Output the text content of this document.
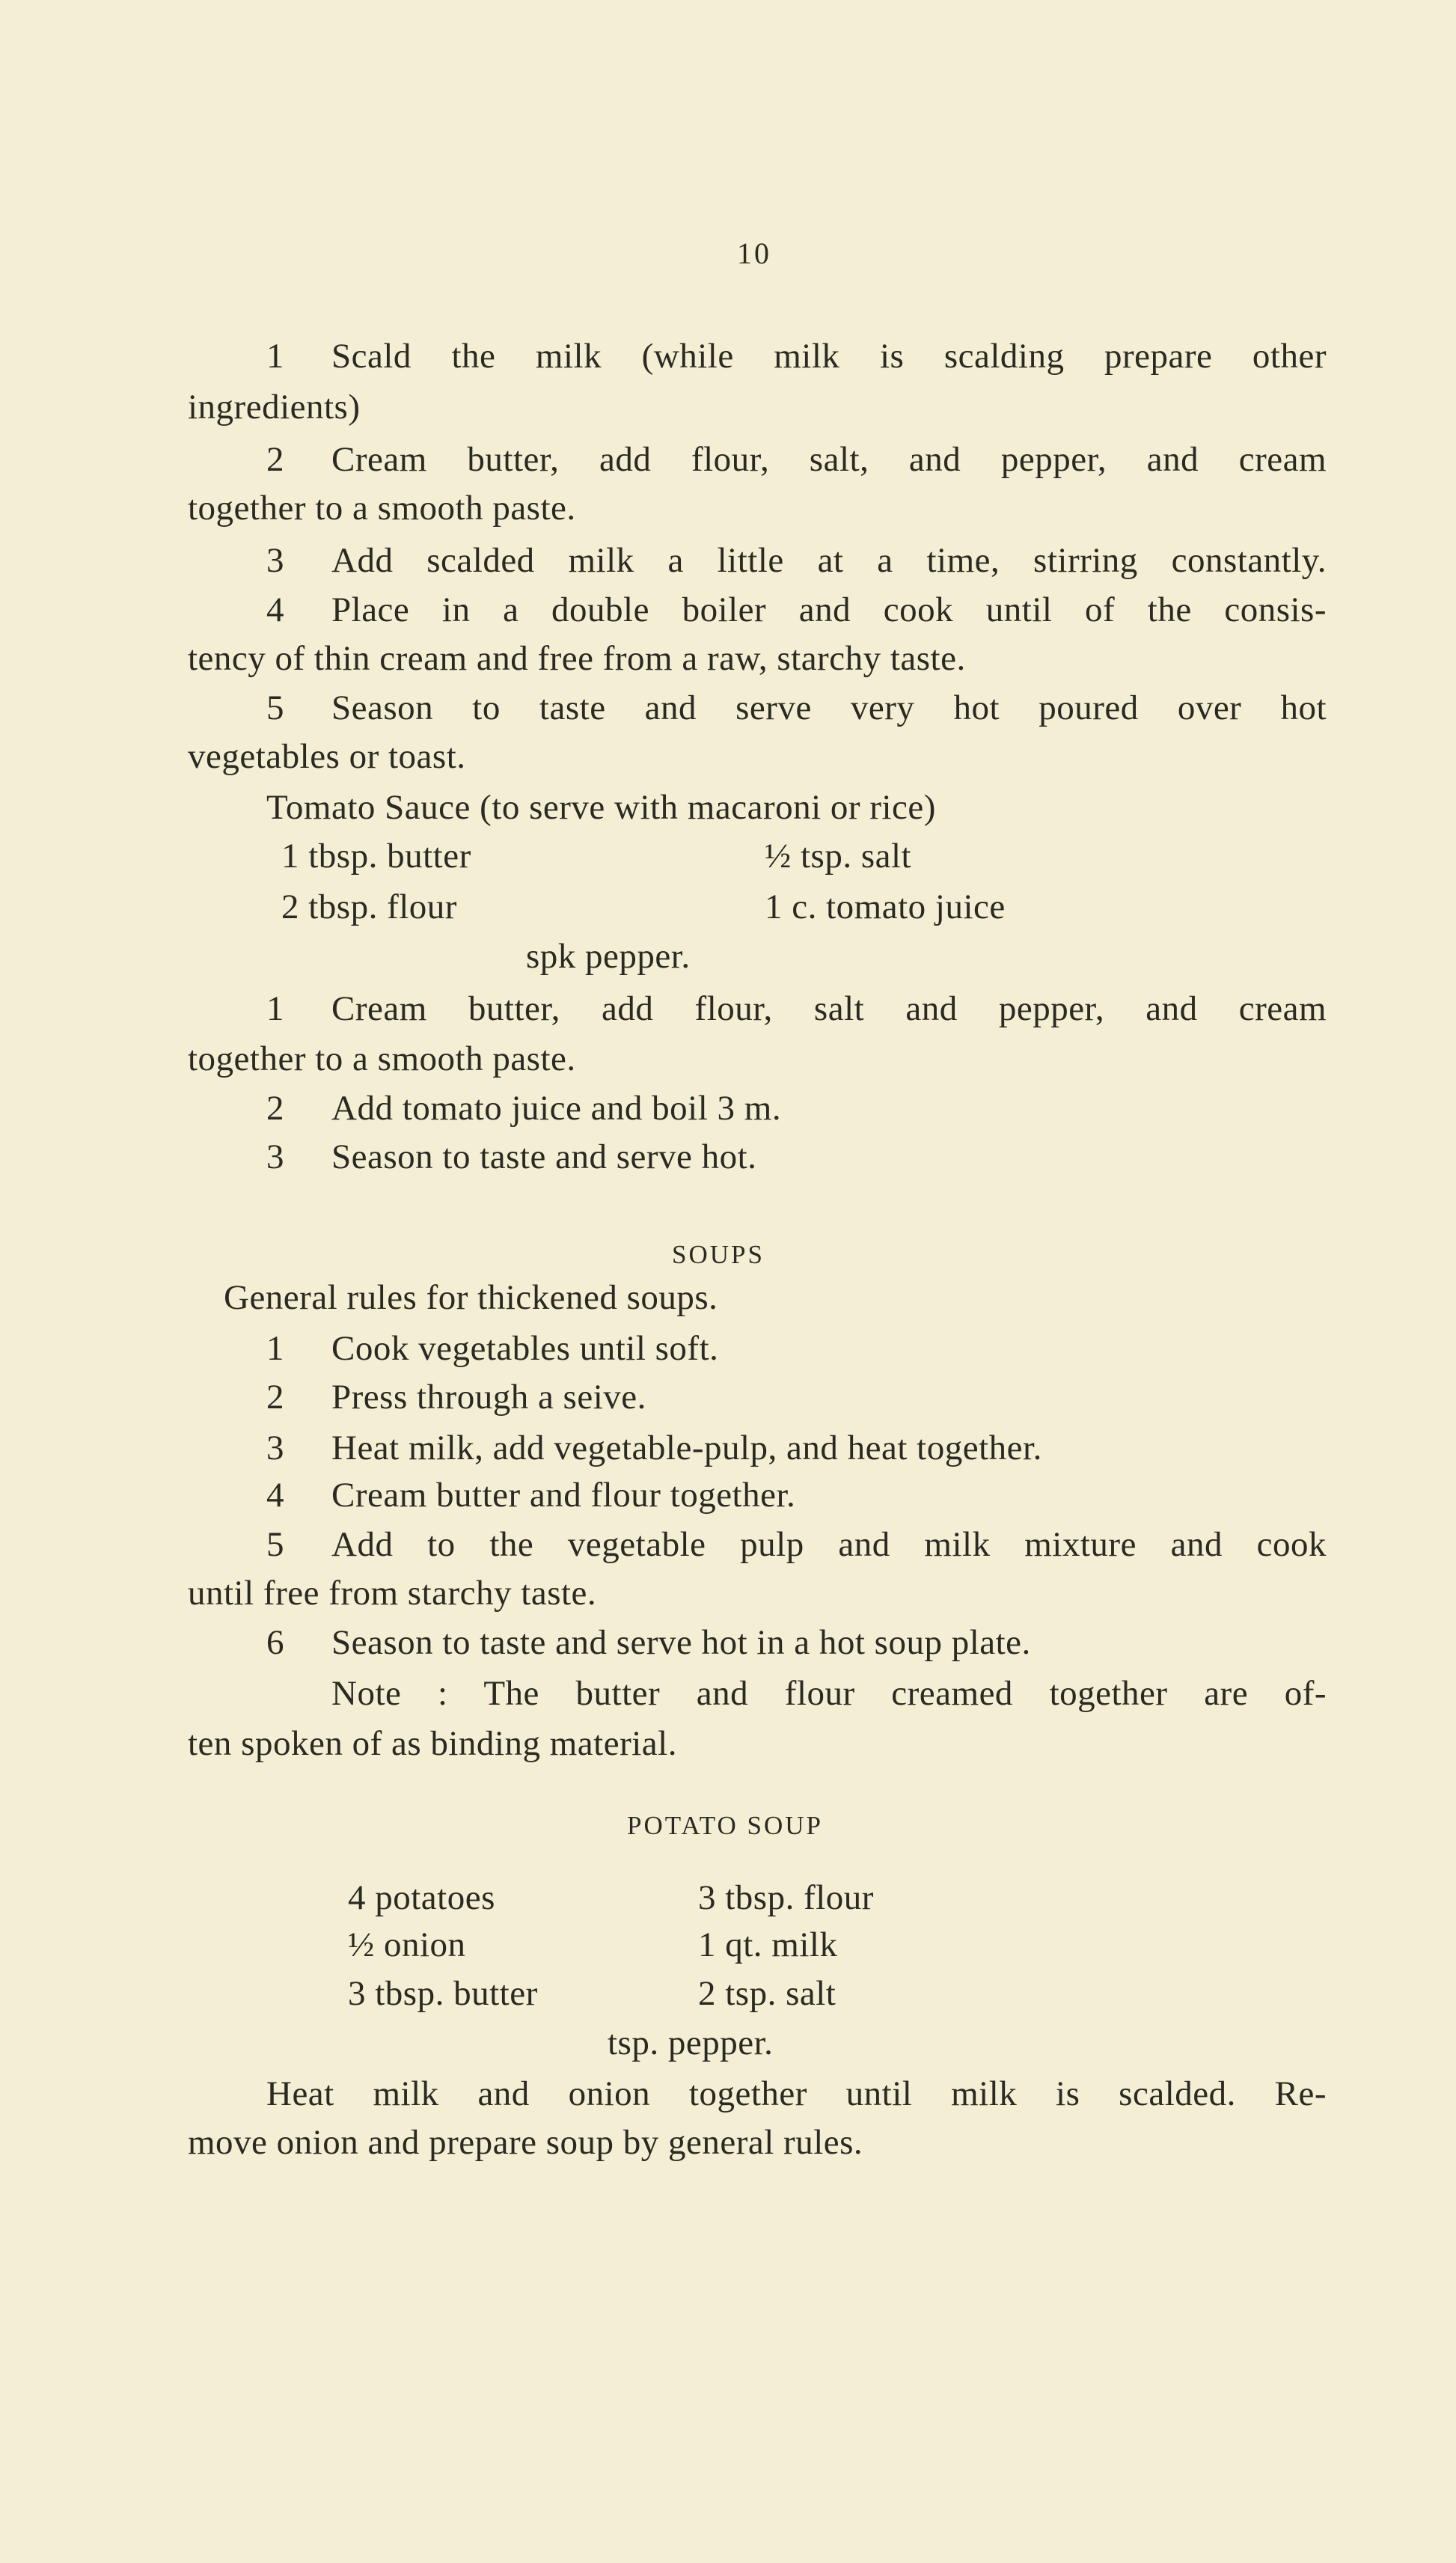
10
1 Scald the milk (while milk is scalding prepare other
ingredients)
2 Cream butter, add flour, salt, and pepper, and cream
together to a smooth paste.
3 Add scalded milk a little at a time, stirring constantly.
4 Place in a double boiler and cook until of the consis-
tency of thin cream and free from a raw, starchy taste.
5 Season to taste and serve very hot poured over hot
vegetables or toast.
Tomato Sauce (to serve with macaroni or rice)
1 tbsp. butter	½ tsp. salt
2 tbsp. flour	1 c. tomato juice
spk pepper.
1 Cream butter, add flour, salt and pepper, and cream
together to a smooth paste.
2 Add tomato juice and boil 3 m.
3 Season to taste and serve hot.
SOUPS
General rules for thickened soups.
1 Cook vegetables until soft.
2 Press through a seive.
3 Heat milk, add vegetable-pulp, and heat together.
4 Cream butter and flour together.
5 Add to the vegetable pulp and milk mixture and cook
until free from starchy taste.
6 Season to taste and serve hot in a hot soup plate.
Note : The butter and flour creamed together are of-
ten spoken of as binding material.
POTATO SOUP
4 potatoes	3 tbsp. flour
½ onion	1 qt. milk
3 tbsp. butter	2 tsp. salt
tsp. pepper.
Heat milk and onion together until milk is scalded. Re-
move onion and prepare soup by general rules.
